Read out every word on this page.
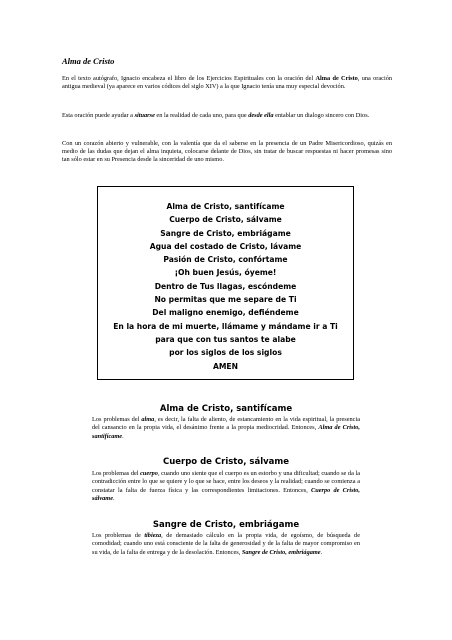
Alma de Cristo
En el texto autógrafo, Ignacio encabeza el libro de los Ejercicios Espirituales con la oración del Alma de Cristo, una oración antigua medieval (ya aparece en varios códices del siglo XIV) a la que Ignacio tenía una muy especial devoción.
Esta oración puede ayudar a situarse en la realidad de cada uno, para que desde ella entablar un dialogo sincero con Dios.
Con un corazón abierto y vulnerable, con la valentía que da el saberse en la presencia de un Padre Misericordioso, quizás en medio de las dudas que dejan el alma inquieta, colocarse delante de Dios, sin tratar de buscar respuestas ni hacer promesas sino tan sólo estar en su Presencia desde la sinceridad de uno mismo.
Alma de Cristo, santifícame
Cuerpo de Cristo, sálvame
Sangre de Cristo, embriágame
Agua del costado de Cristo, lávame
Pasión de Cristo, confórtame
¡Oh buen Jesús, óyeme!
Dentro de Tus llagas, escóndeme
No permitas que me separe de Ti
Del maligno enemigo, defiéndeme
En la hora de mi muerte, llámame y mándame ir a Ti
para que con tus santos te alabe
por los siglos de los siglos
AMEN
Alma de Cristo, santifícame
Los problemas del alma, es decir, la falta de aliento, de estancamiento en la vida espiritual, la presencia del cansancio en la propia vida, el desánimo frente a la propia mediocridad. Entonces, Alma de Cristo, santifícame.
Cuerpo de Cristo, sálvame
Los problemas del cuerpo, cuando uno siente que el cuerpo es un estorbo y una dificultad; cuando se da la contradicción entre lo que se quiere y lo que se hace, entre los deseos y la realidad; cuando se comienza a constatar la falta de fuerza física y las correspondientes limitaciones. Entonces, Cuerpo de Cristo, sálvame.
Sangre de Cristo, embriágame
Los problemas de tibieza, de demasiado cálculo en la propia vida, de egoísmo, de búsqueda de comodidad; cuando uno está consciente de la falta de generosidad y de la falta de mayor compromiso en su vida, de la falta de entrega y de la desolación. Entonces, Sangre de Cristo, embriágame.
